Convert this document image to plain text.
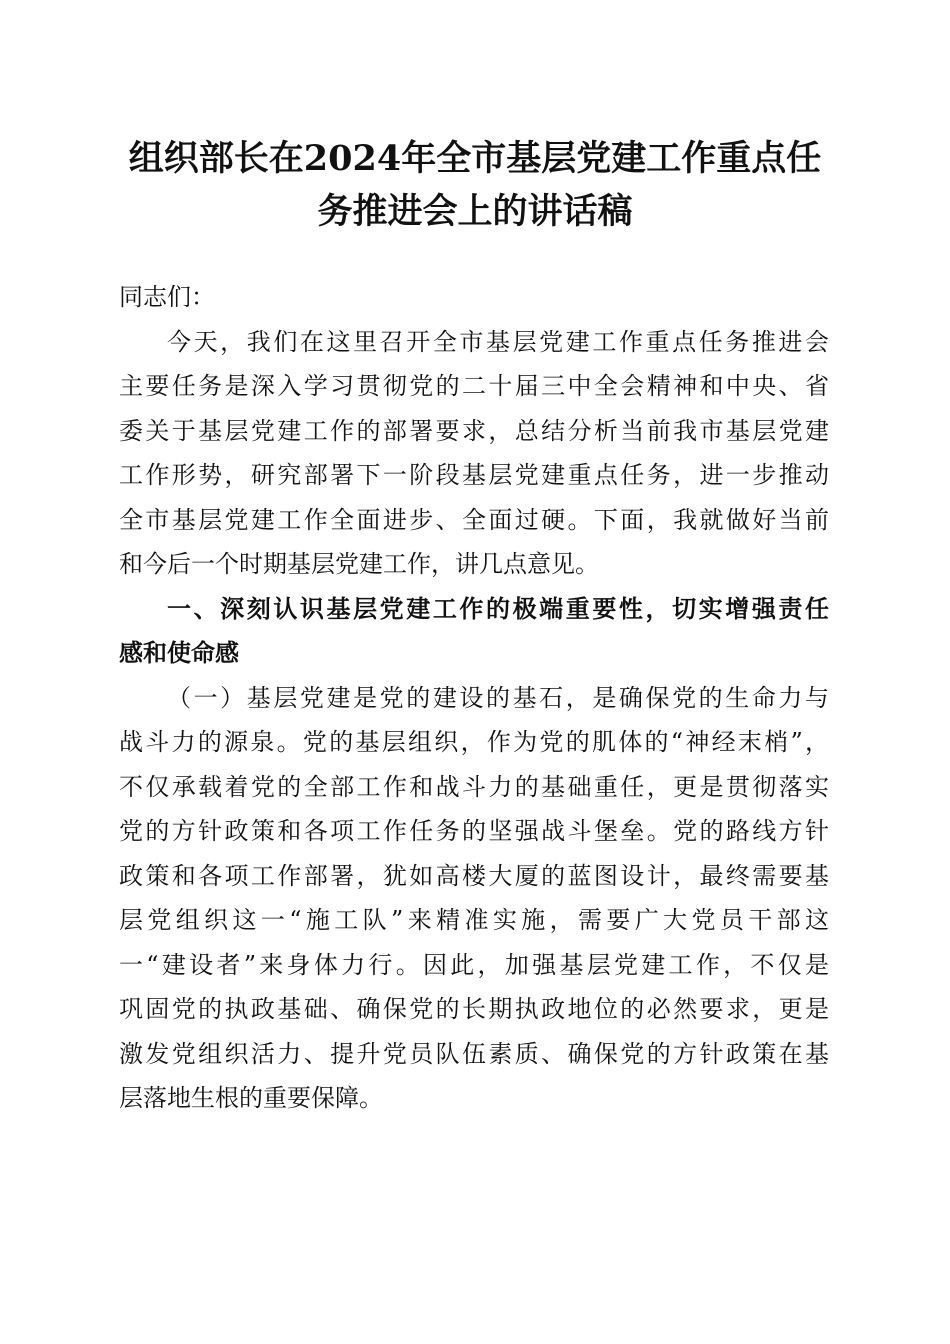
组织部长在2024年全市基层党建工作重点任
务推进会上的讲话稿
同志们：
今天，我们在这里召开全市基层党建工作重点任务推进会
主要任务是深入学习贯彻党的二十届三中全会精神和中央、省
委关于基层党建工作的部署要求，总结分析当前我市基层党建
工作形势，研究部署下一阶段基层党建重点任务，进一步推动
全市基层党建工作全面进步、全面过硬。下面，我就做好当前
和今后一个时期基层党建工作，讲几点意见。
一、深刻认识基层党建工作的极端重要性，切实增强责任
感和使命感
（一）基层党建是党的建设的基石，是确保党的生命力与
战斗力的源泉。党的基层组织，作为党的肌体的“神经末梢”，
不仅承载着党的全部工作和战斗力的基础重任，更是贯彻落实
党的方针政策和各项工作任务的坚强战斗堡垒。党的路线方针
政策和各项工作部署，犹如高楼大厦的蓝图设计，最终需要基
层党组织这一“施工队”来精准实施，需要广大党员干部这
一“建设者”来身体力行。因此，加强基层党建工作，不仅是
巩固党的执政基础、确保党的长期执政地位的必然要求，更是
激发党组织活力、提升党员队伍素质、确保党的方针政策在基
层落地生根的重要保障。
